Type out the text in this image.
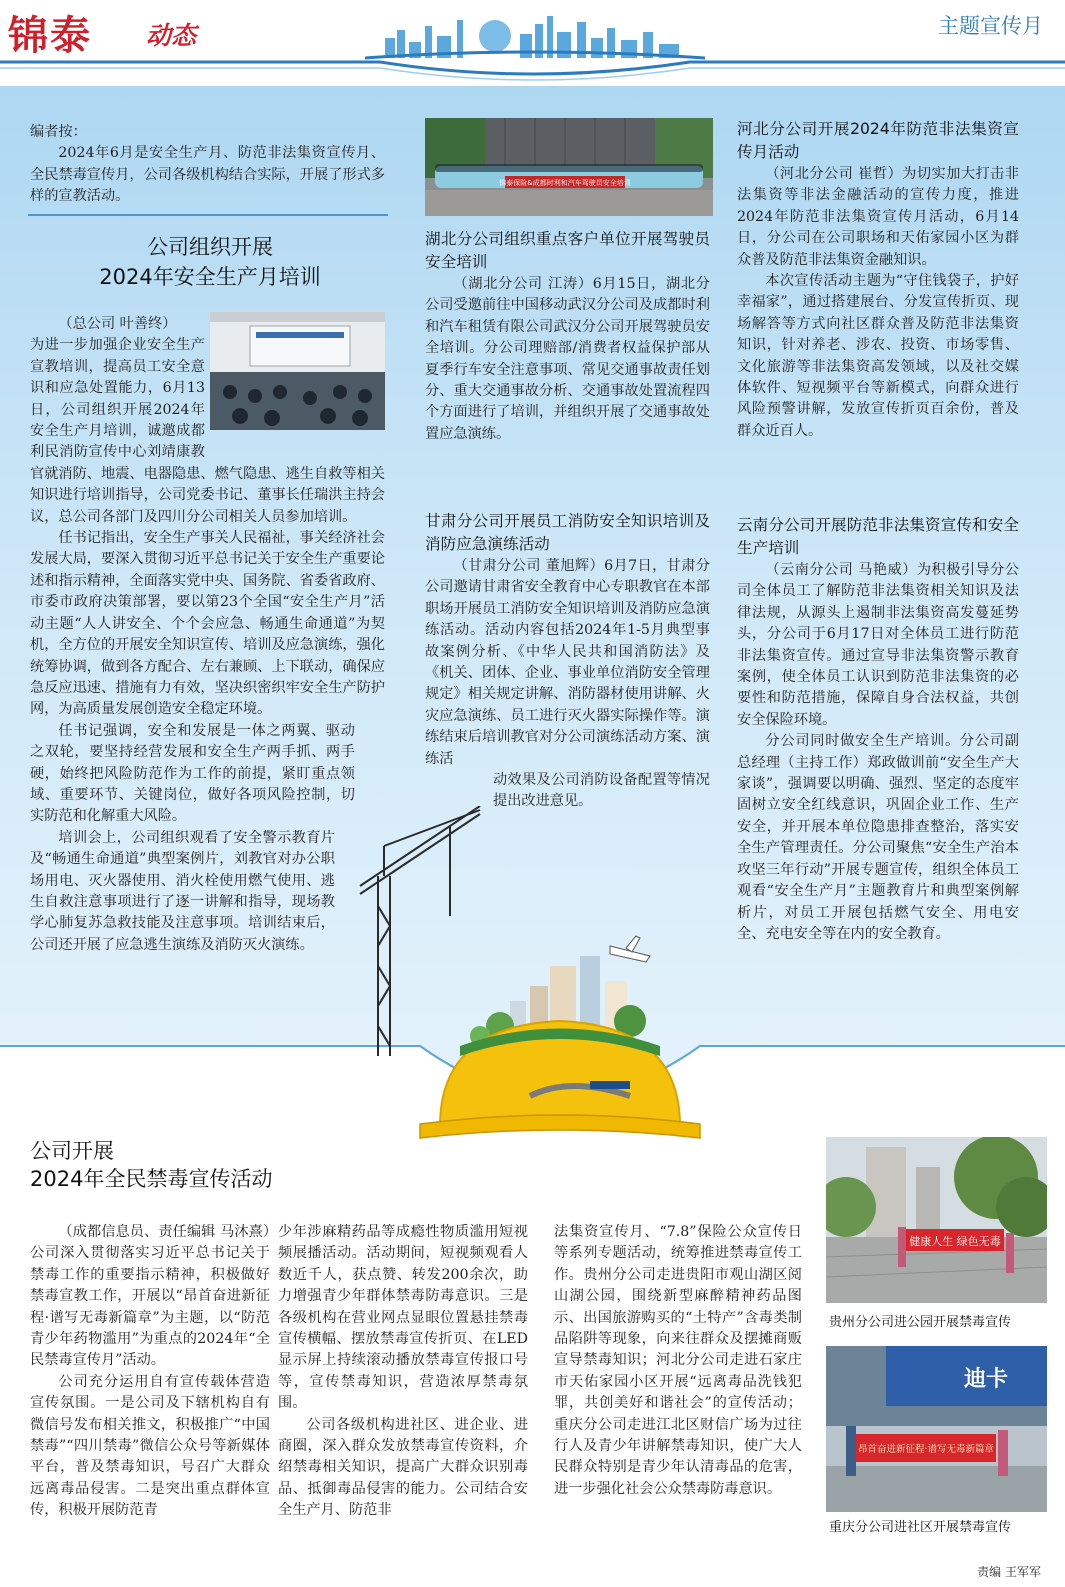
锦泰 动态	主题宣传月

编者按：

2024年6月是安全生产月、防范非法集资宣传月、全民禁毒宣传月，公司各级机构结合实际，开展了形式多样的宣教活动。

公司组织开展
2024年安全生产月培训

（总公司 叶善终）

为进一步加强企业安全生产宣教培训，提高员工安全意识和应急处置能力，6月13日，公司组织开展2024年安全生产月培训，诚邀成都利民消防宣传中心刘靖康教官就消防、地震、电器隐患、燃气隐患、逃生自救等相关知识进行培训指导，公司党委书记、董事长任瑞洪主持会议，总公司各部门及四川分公司相关人员参加培训。

任书记指出，安全生产事关人民福祉，事关经济社会发展大局，要深入贯彻习近平总书记关于安全生产重要论述和指示精神，全面落实党中央、国务院、省委省政府、市委市政府决策部署，要以第23个全国“安全生产月”活动主题“人人讲安全、个个会应急、畅通生命通道”为契机，全方位的开展安全知识宣传、培训及应急演练，强化统筹协调，做到各方配合、左右兼顾、上下联动，确保应急反应迅速、措施有力有效，坚决织密织牢安全生产防护网，为高质量发展创造安全稳定环境。

任书记强调，安全和发展是一体之两翼、驱动之双轮，要坚持经营发展和安全生产两手抓、两手硬，始终把风险防范作为工作的前提，紧盯重点领域、重要环节、关键岗位，做好各项风险控制，切实防范和化解重大风险。

培训会上，公司组织观看了安全警示教育片及“畅通生命通道”典型案例片，刘教官对办公职场用电、灭火器使用、消火栓使用燃气使用、逃生自救注意事项进行了逐一讲解和指导，现场教学心肺复苏急救技能及注意事项。培训结束后，公司还开展了应急逃生演练及消防灭火演练。

锦泰保险&成都时利和汽车驾驶员安全培训
湖北分公司组织重点客户单位开展驾驶员安全培训

（湖北分公司 江涛）6月15日，湖北分公司受邀前往中国移动武汉分公司及成都时利和汽车租赁有限公司武汉分公司开展驾驶员安全培训。分公司理赔部/消费者权益保护部从夏季行车安全注意事项、常见交通事故责任划分、重大交通事故分析、交通事故处置流程四个方面进行了培训，并组织开展了交通事故处置应急演练。

甘肃分公司开展员工消防安全知识培训及消防应急演练活动

（甘肃分公司 董旭辉）6月7日，甘肃分公司邀请甘肃省安全教育中心专职教官在本部职场开展员工消防安全知识培训及消防应急演练活动。活动内容包括2024年1-5月典型事故案例分析、《中华人民共和国消防法》及《机关、团体、企业、事业单位消防安全管理规定》相关规定讲解、消防器材使用讲解、火灾应急演练、员工进行灭火器实际操作等。演练结束后培训教官对分公司演练活动方案、演练活

动效果及公司消防设备配置等情况提出改进意见。

河北分公司开展2024年防范非法集资宣传月活动

（河北分公司 崔哲）为切实加大打击非法集资等非法金融活动的宣传力度，推进2024年防范非法集资宣传月活动，6月14日，分公司在公司职场和天佑家园小区为群众普及防范非法集资金融知识。

本次宣传活动主题为“守住钱袋子，护好幸福家”，通过搭建展台、分发宣传折页、现场解答等方式向社区群众普及防范非法集资知识，针对养老、涉农、投资、市场零售、文化旅游等非法集资高发领域，以及社交媒体软件、短视频平台等新模式，向群众进行风险预警讲解，发放宣传折页百余份，普及群众近百人。

云南分公司开展防范非法集资宣传和安全生产培训

（云南分公司 马艳威）为积极引导分公司全体员工了解防范非法集资相关知识及法律法规，从源头上遏制非法集资高发蔓延势头，分公司于6月17日对全体员工进行防范非法集资宣传。通过宣导非法集资警示教育案例，使全体员工认识到防范非法集资的必要性和防范措施，保障自身合法权益，共创安全保险环境。

分公司同时做安全生产培训。分公司副总经理（主持工作）郑政做训前“安全生产大家谈”，强调要以明确、强烈、坚定的态度牢固树立安全红线意识，巩固企业工作、生产安全，并开展本单位隐患排查整治，落实安全生产管理责任。分公司聚焦“安全生产治本攻坚三年行动”开展专题宣传，组织全体员工观看“安全生产月”主题教育片和典型案例解析片，对员工开展包括燃气安全、用电安全、充电安全等在内的安全教育。

公司开展
2024年全民禁毒宣传活动

（成都信息员、责任编辑 马沐熹）公司深入贯彻落实习近平总书记关于禁毒工作的重要指示精神，积极做好禁毒宣教工作，开展以“昂首奋进新征程·谱写无毒新篇章”为主题，以“防范青少年药物滥用”为重点的2024年“全民禁毒宣传月”活动。

公司充分运用自有宣传载体营造宣传氛围。一是公司及下辖机构自有微信号发布相关推文，积极推广“中国禁毒”“四川禁毒”微信公众号等新媒体平台，普及禁毒知识，号召广大群众远离毒品侵害。二是突出重点群体宣传，积极开展防范青

少年涉麻精药品等成瘾性物质滥用短视频展播活动。活动期间，短视频观看人数近千人，获点赞、转发200余次，助力增强青少年群体禁毒防毒意识。三是各级机构在营业网点显眼位置悬挂禁毒宣传横幅、摆放禁毒宣传折页、在LED显示屏上持续滚动播放禁毒宣传报口号等，宣传禁毒知识，营造浓厚禁毒氛围。

公司各级机构进社区、进企业、进商圈，深入群众发放禁毒宣传资料，介绍禁毒相关知识，提高广大群众识别毒品、抵御毒品侵害的能力。公司结合安全生产月、防范非

法集资宣传月、“7.8”保险公众宣传日等系列专题活动，统筹推进禁毒宣传工作。贵州分公司走进贵阳市观山湖区阅山湖公园，围绕新型麻醉精神药品图示、出国旅游购买的“土特产”含毒类制品陷阱等现象，向来往群众及摆摊商贩宣导禁毒知识；河北分公司走进石家庄市天佑家园小区开展“远离毒品洗钱犯罪，共创美好和谐社会”的宣传活动；重庆分公司走进江北区财信广场为过往行人及青少年讲解禁毒知识，使广大人民群众特别是青少年认清毒品的危害，进一步强化社会公众禁毒防毒意识。

健康人生 绿色无毒
贵州分公司进公园开展禁毒宣传
迪卡
昂首奋进新征程·谱写无毒新篇章
重庆分公司进社区开展禁毒宣传
责编 王军军
